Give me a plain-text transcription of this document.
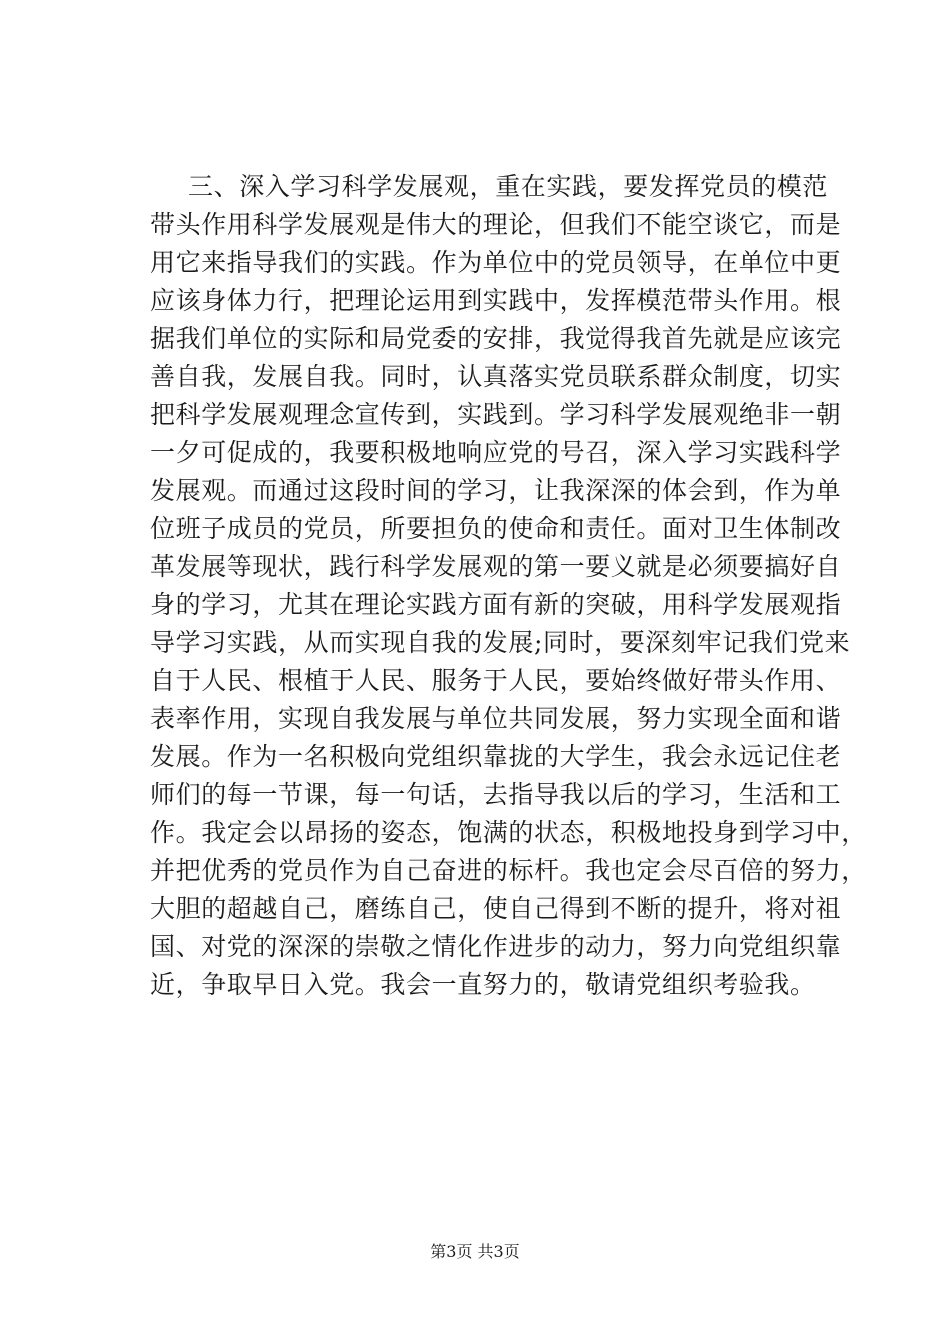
三、深入学习科学发展观，重在实践，要发挥党员的模范
带头作用科学发展观是伟大的理论，但我们不能空谈它，而是
用它来指导我们的实践。作为单位中的党员领导，在单位中更
应该身体力行，把理论运用到实践中，发挥模范带头作用。根
据我们单位的实际和局党委的安排，我觉得我首先就是应该完
善自我，发展自我。同时，认真落实党员联系群众制度，切实
把科学发展观理念宣传到，实践到。学习科学发展观绝非一朝
一夕可促成的，我要积极地响应党的号召，深入学习实践科学
发展观。而通过这段时间的学习，让我深深的体会到，作为单
位班子成员的党员，所要担负的使命和责任。面对卫生体制改
革发展等现状，践行科学发展观的第一要义就是必须要搞好自
身的学习，尤其在理论实践方面有新的突破，用科学发展观指
导学习实践，从而实现自我的发展;同时，要深刻牢记我们党来
自于人民、根植于人民、服务于人民，要始终做好带头作用、
表率作用，实现自我发展与单位共同发展，努力实现全面和谐
发展。作为一名积极向党组织靠拢的大学生，我会永远记住老
师们的每一节课，每一句话，去指导我以后的学习，生活和工
作。我定会以昂扬的姿态，饱满的状态，积极地投身到学习中，
并把优秀的党员作为自己奋进的标杆。我也定会尽百倍的努力，
大胆的超越自己，磨练自己，使自己得到不断的提升，将对祖
国、对党的深深的崇敬之情化作进步的动力，努力向党组织靠
近，争取早日入党。我会一直努力的，敬请党组织考验我。
第3页 共3页
